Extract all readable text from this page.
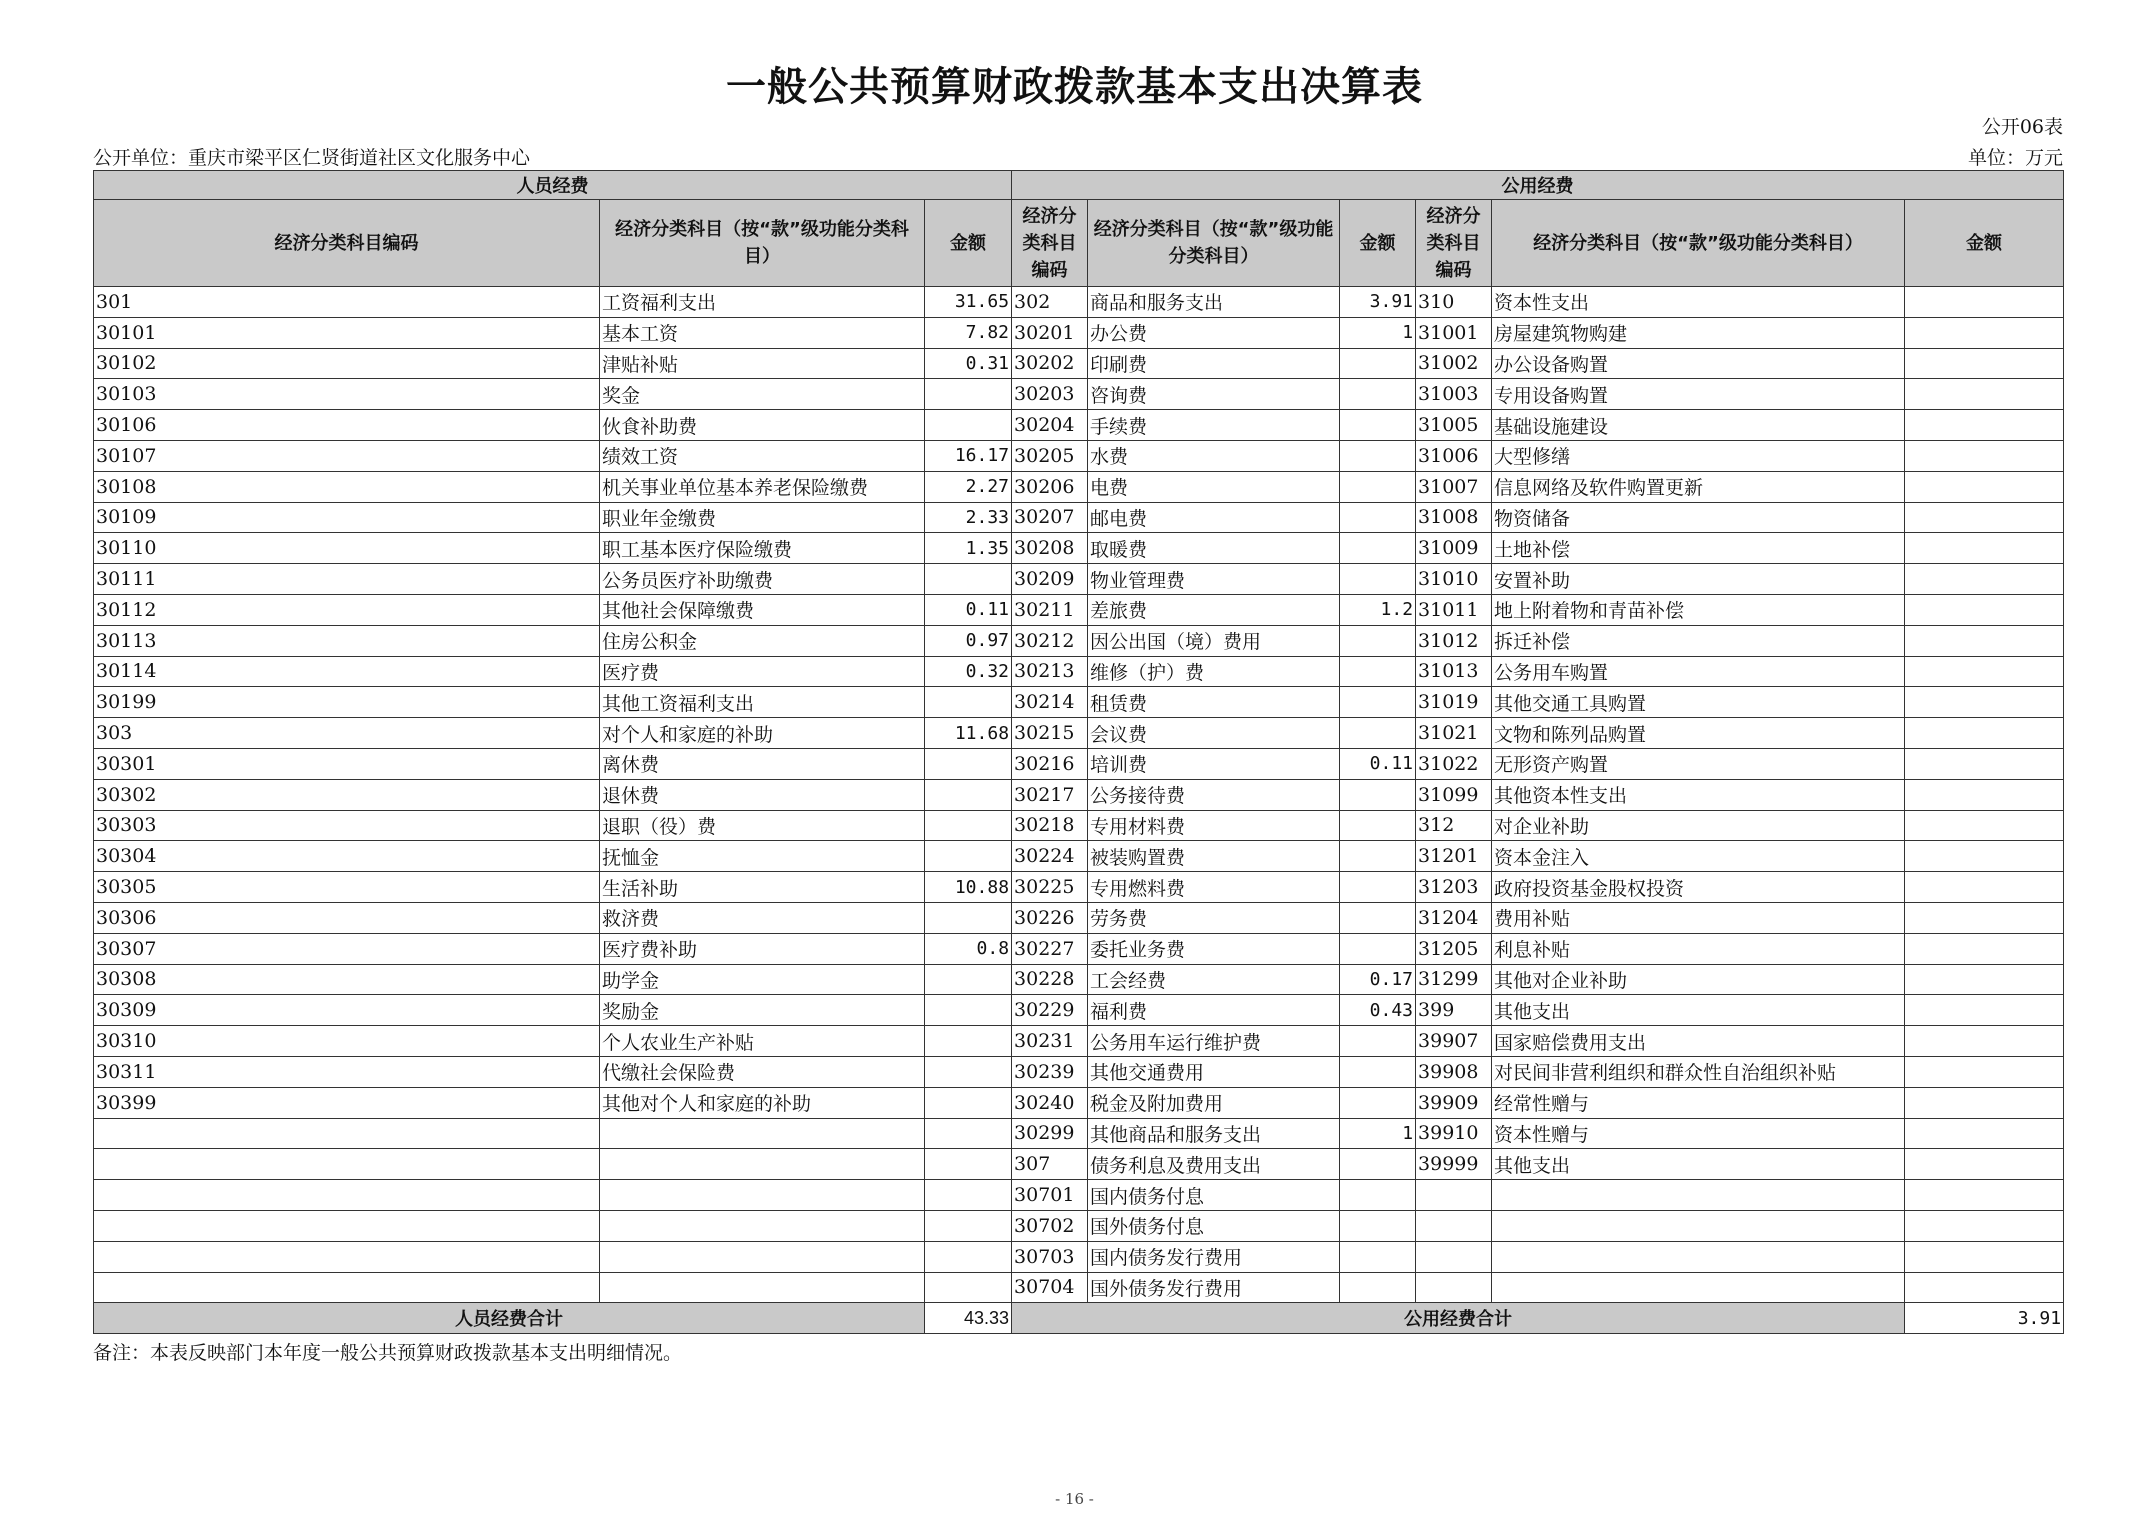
一般公共预算财政拨款基本支出决算表
公开06表
公开单位：重庆市梁平区仁贤街道社区文化服务中心	单位：万元
人员经费			公用经费					
经济分类科目编码	经济分类科目（按“款”级功能分类科目）	金额	经济分类科目编码	经济分类科目（按“款”级功能分类科目）	金额	经济分类科目编码	经济分类科目（按“款”级功能分类科目）	金额
301	工资福利支出	31.65	302	商品和服务支出	3.91	310	资本性支出	
30101	基本工资	7.82	30201	办公费	1	31001	房屋建筑物购建	
30102	津贴补贴	0.31	30202	印刷费		31002	办公设备购置	
30103	奖金		30203	咨询费		31003	专用设备购置	
30106	伙食补助费		30204	手续费		31005	基础设施建设	
30107	绩效工资	16.17	30205	水费		31006	大型修缮	
30108	机关事业单位基本养老保险缴费	2.27	30206	电费		31007	信息网络及软件购置更新	
30109	职业年金缴费	2.33	30207	邮电费		31008	物资储备	
30110	职工基本医疗保险缴费	1.35	30208	取暖费		31009	土地补偿	
30111	公务员医疗补助缴费		30209	物业管理费		31010	安置补助	
30112	其他社会保障缴费	0.11	30211	差旅费	1.2	31011	地上附着物和青苗补偿	
30113	住房公积金	0.97	30212	因公出国（境）费用		31012	拆迁补偿	
30114	医疗费	0.32	30213	维修（护）费		31013	公务用车购置	
30199	其他工资福利支出		30214	租赁费		31019	其他交通工具购置	
303	对个人和家庭的补助	11.68	30215	会议费		31021	文物和陈列品购置	
30301	离休费		30216	培训费	0.11	31022	无形资产购置	
30302	退休费		30217	公务接待费		31099	其他资本性支出	
30303	退职（役）费		30218	专用材料费		312	对企业补助	
30304	抚恤金		30224	被装购置费		31201	资本金注入	
30305	生活补助	10.88	30225	专用燃料费		31203	政府投资基金股权投资	
30306	救济费		30226	劳务费		31204	费用补贴	
30307	医疗费补助	0.8	30227	委托业务费		31205	利息补贴	
30308	助学金		30228	工会经费	0.17	31299	其他对企业补助	
30309	奖励金		30229	福利费	0.43	399	其他支出	
30310	个人农业生产补贴		30231	公务用车运行维护费		39907	国家赔偿费用支出	
30311	代缴社会保险费		30239	其他交通费用		39908	对民间非营利组织和群众性自治组织补贴	
30399	其他对个人和家庭的补助		30240	税金及附加费用		39909	经常性赠与	
			30299	其他商品和服务支出	1	39910	资本性赠与	
			307	债务利息及费用支出		39999	其他支出	
			30701	国内债务付息				
			30702	国外债务付息				
			30703	国内债务发行费用				
			30704	国外债务发行费用				
人员经费合计		43.33	公用经费合计					3.91
备注：本表反映部门本年度一般公共预算财政拨款基本支出明细情况。
- 16 -
